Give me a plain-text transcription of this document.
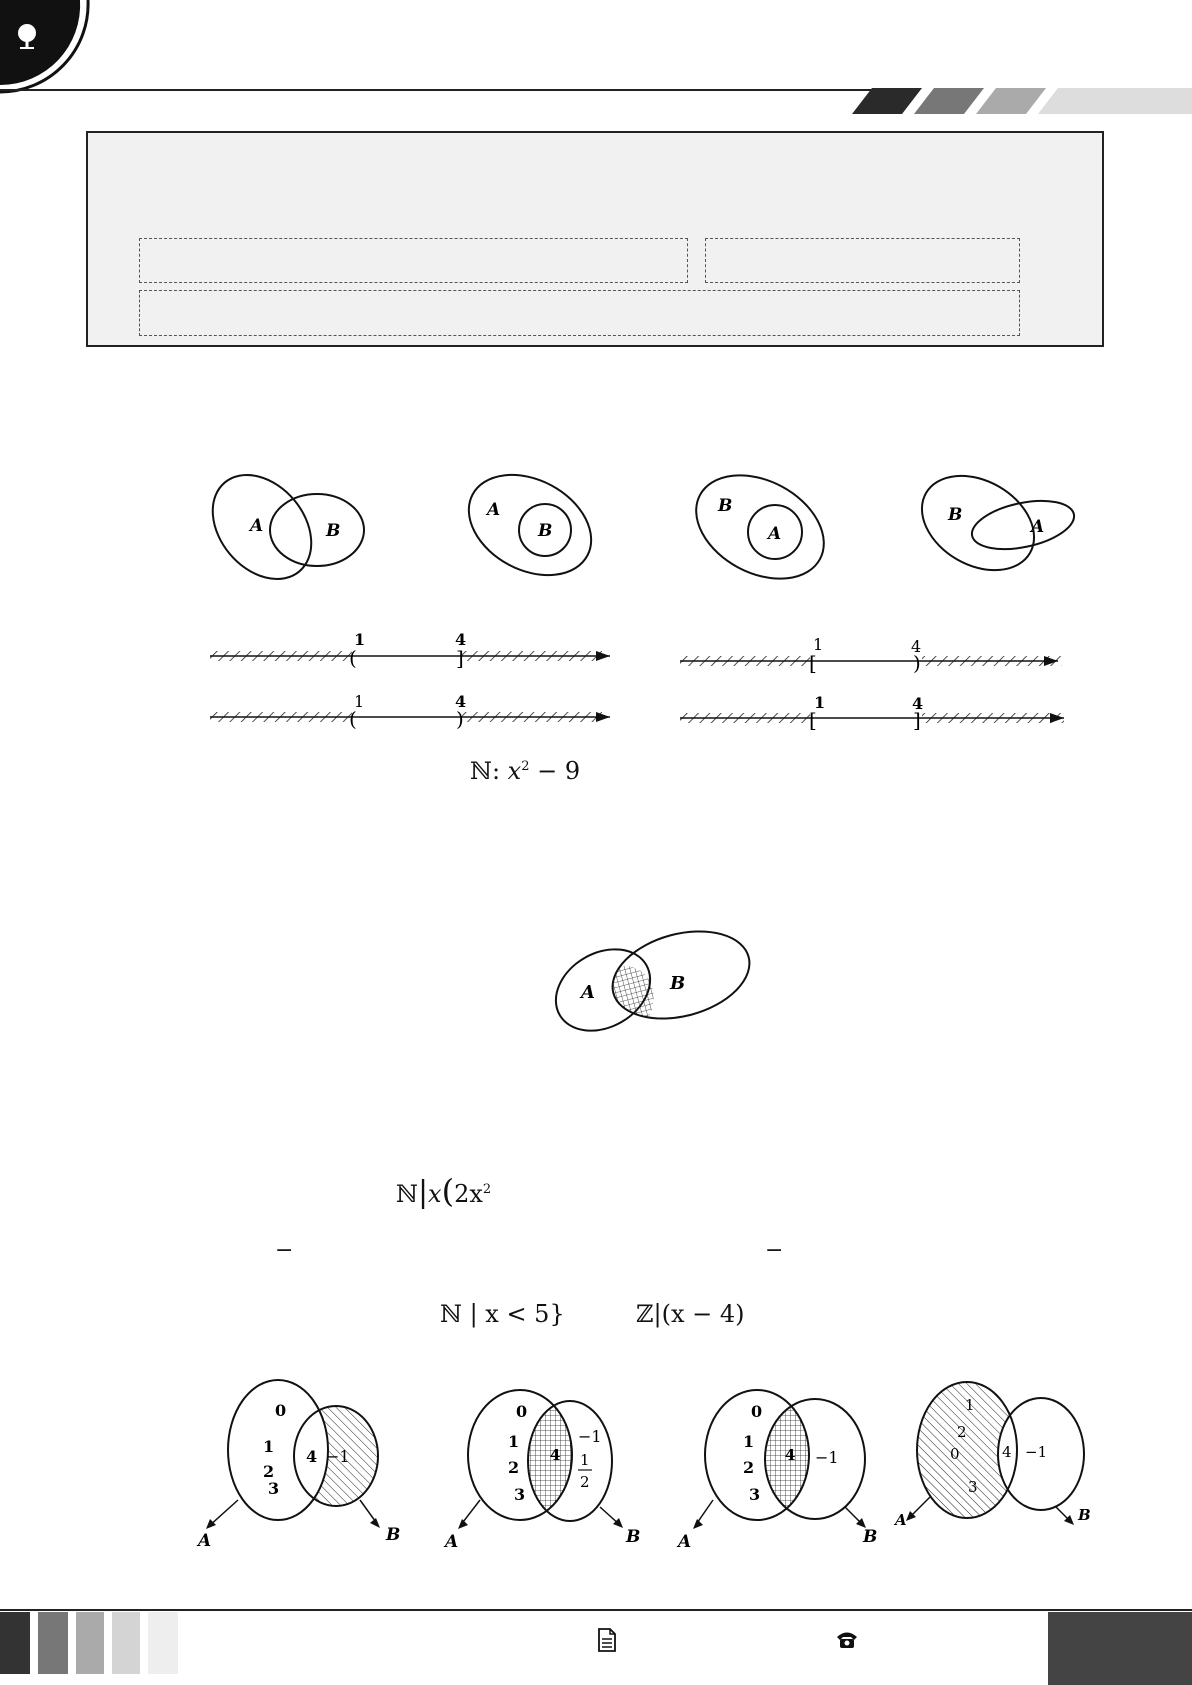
A	B
A
B
B
A
B
A
(	]
1	4
(	)
1	4
[	)
1	4
[	]
1	4
ℕ: $x^2 - 9$
A	B
$ℕ|x(2x^2$
−	−
ℕ | x < 5}	ℤ|(x − 4)
0
1
2
3
4 −1
A	B
0
1
2
3
4
−1
1
2
A	B
0
1
2
3
4 −1
A	B
1
2
0
3
4 −1
A	B
